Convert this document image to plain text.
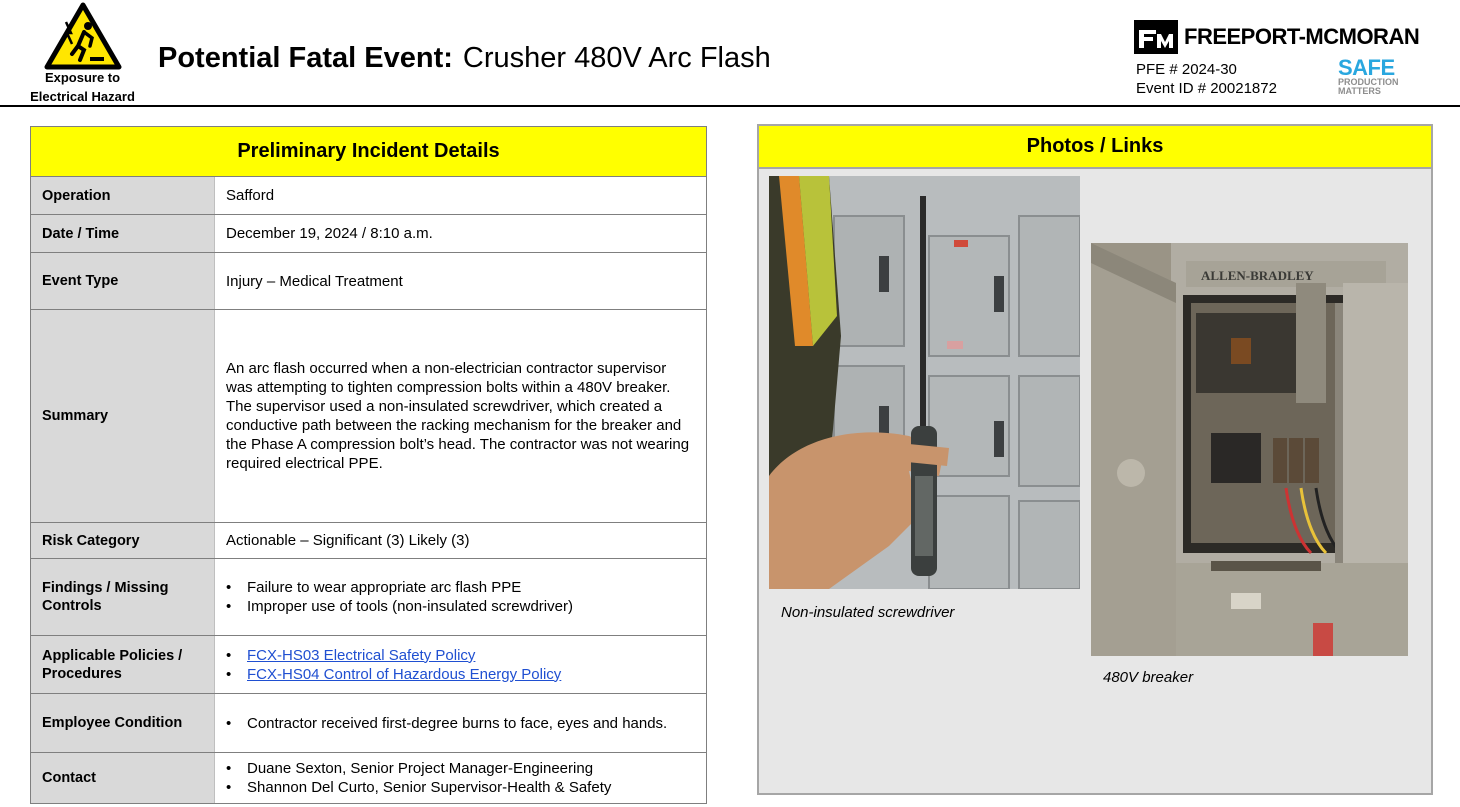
Exposure to
Electrical Hazard
Potential Fatal Event: Crusher 480V Arc Flash
FREEPORT-MCMORAN
PFE # 2024-30
Event ID # 20021872
SAFE
PRODUCTION
MATTERS
Preliminary Incident Details
Operation	Safford
Date / Time	December 19, 2024 / 8:10 a.m.
Event Type	Injury – Medical Treatment
Summary
An arc flash occurred when a non-electrician contractor supervisor was attempting to tighten compression bolts within a 480V breaker. The supervisor used a non-insulated screwdriver, which created a conductive path between the racking mechanism for the breaker and the Phase A compression bolt’s head. The contractor was not wearing required electrical PPE.
Risk Category	Actionable – Significant (3) Likely (3)
Findings / Missing Controls
• Failure to wear appropriate arc flash PPE
• Improper use of tools (non-insulated screwdriver)
Applicable Policies / Procedures
• FCX-HS03 Electrical Safety Policy
• FCX-HS04 Control of Hazardous Energy Policy
Employee Condition
•	Contractor received first-degree burns to face, eyes and hands.
Contact
• Duane Sexton, Senior Project Manager-Engineering
• Shannon Del Curto, Senior Supervisor-Health & Safety
Photos / Links
Non-insulated screwdriver
ALLEN-BRADLEY
480V breaker
